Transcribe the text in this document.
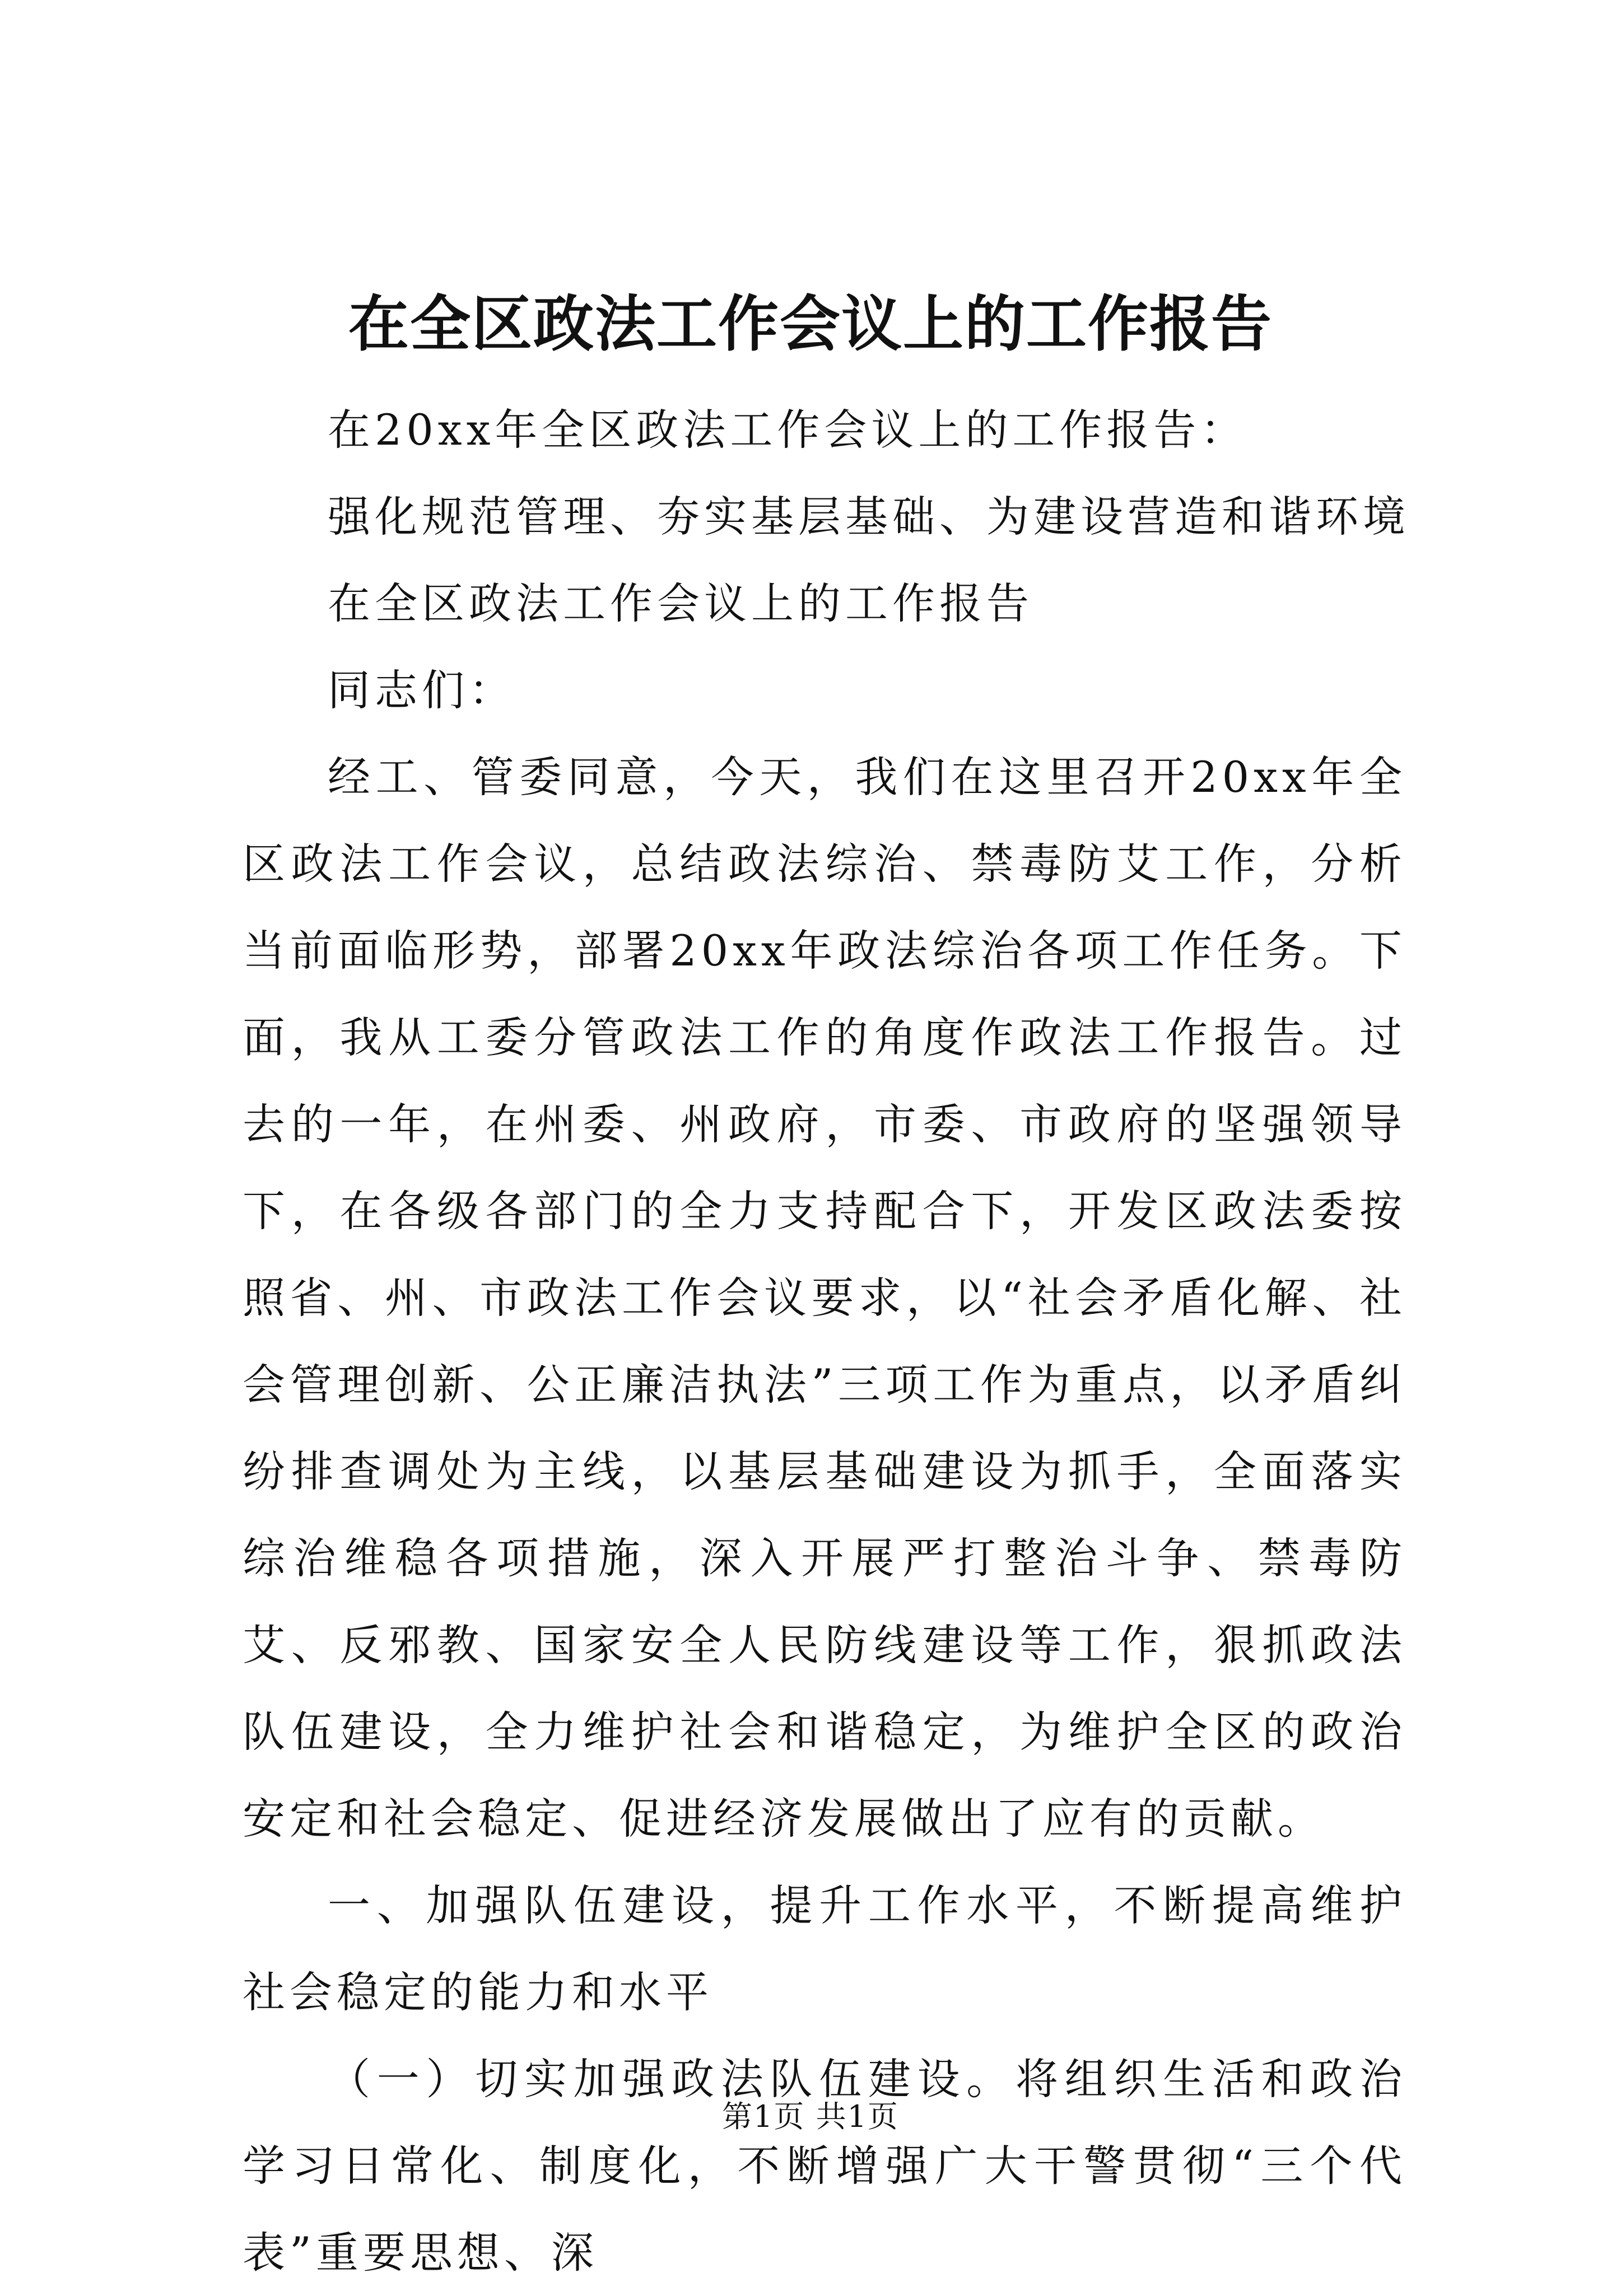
在全区政法工作会议上的工作报告

在20xx年全区政法工作会议上的工作报告：

强化规范管理、夯实基层基础、为建设营造和谐环境

在全区政法工作会议上的工作报告

同志们：

经工、管委同意，今天，我们在这里召开20xx年全区政法工作会议，总结政法综治、禁毒防艾工作，分析当前面临形势，部署20xx年政法综治各项工作任务。下面，我从工委分管政法工作的角度作政法工作报告。过去的一年，在州委、州政府，市委、市政府的坚强领导下，在各级各部门的全力支持配合下，开发区政法委按照省、州、市政法工作会议要求，以“社会矛盾化解、社会管理创新、公正廉洁执法”三项工作为重点，以矛盾纠纷排查调处为主线，以基层基础建设为抓手，全面落实综治维稳各项措施，深入开展严打整治斗争、禁毒防艾、反邪教、国家安全人民防线建设等工作，狠抓政法队伍建设，全力维护社会和谐稳定，为维护全区的政治安定和社会稳定、促进经济发展做出了应有的贡献。

一、加强队伍建设，提升工作水平，不断提高维护社会稳定的能力和水平

（一）切实加强政法队伍建设。将组织生活和政治学习日常化、制度化，不断增强广大干警贯彻“三个代表”重要思想、深

第1页 共1页
